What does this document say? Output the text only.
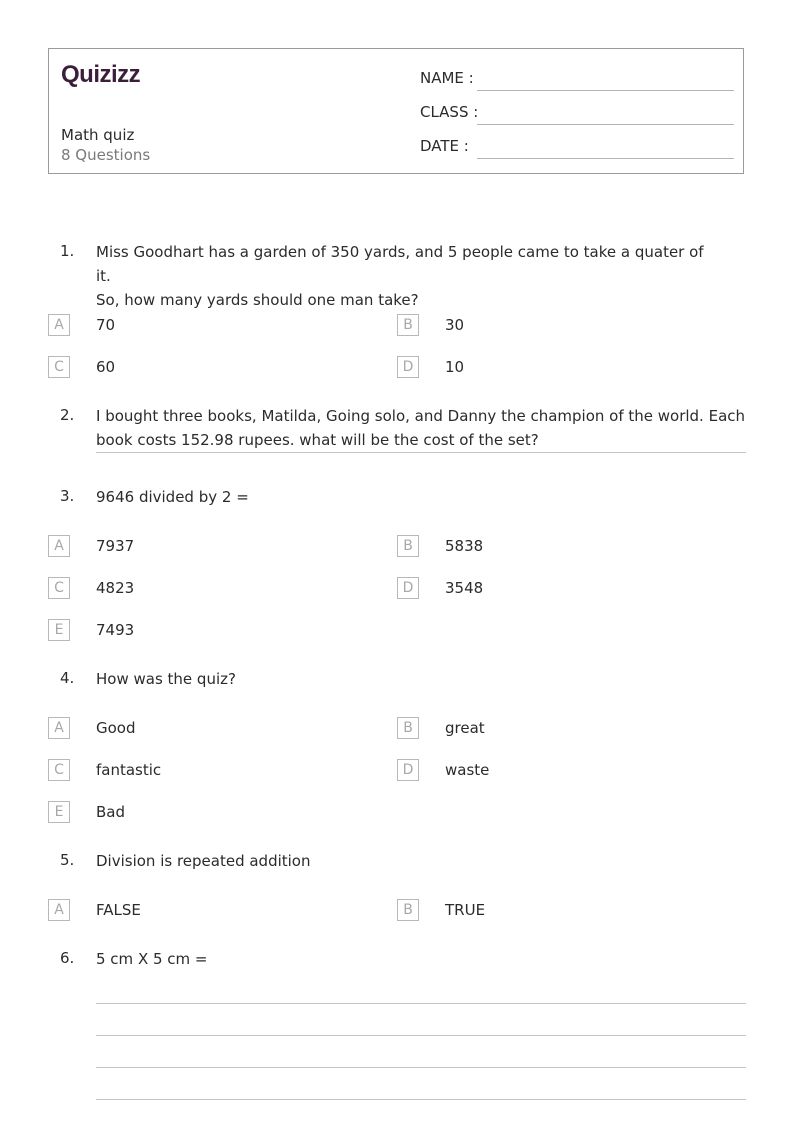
Quizizz
Math quiz
8 Questions
NAME :
CLASS :
DATE :
1. Miss Goodhart has a garden of 350 yards, and 5 people came to take a quater of it.
So, how many yards should one man take?
A	70	B	30
C	60	D	10
2. I bought three books, Matilda, Going solo, and Danny the champion of the world. Each
book costs 152.98 rupees. what will be the cost of the set?
3. 9646 divided by 2 =
A	7937	B	5838
C	4823	D	3548
E	7493
4. How was the quiz?
A	Good	B	great
C	fantastic	D	waste
E	Bad
5. Division is repeated addition
A	FALSE	B	TRUE
6. 5 cm X 5 cm =
